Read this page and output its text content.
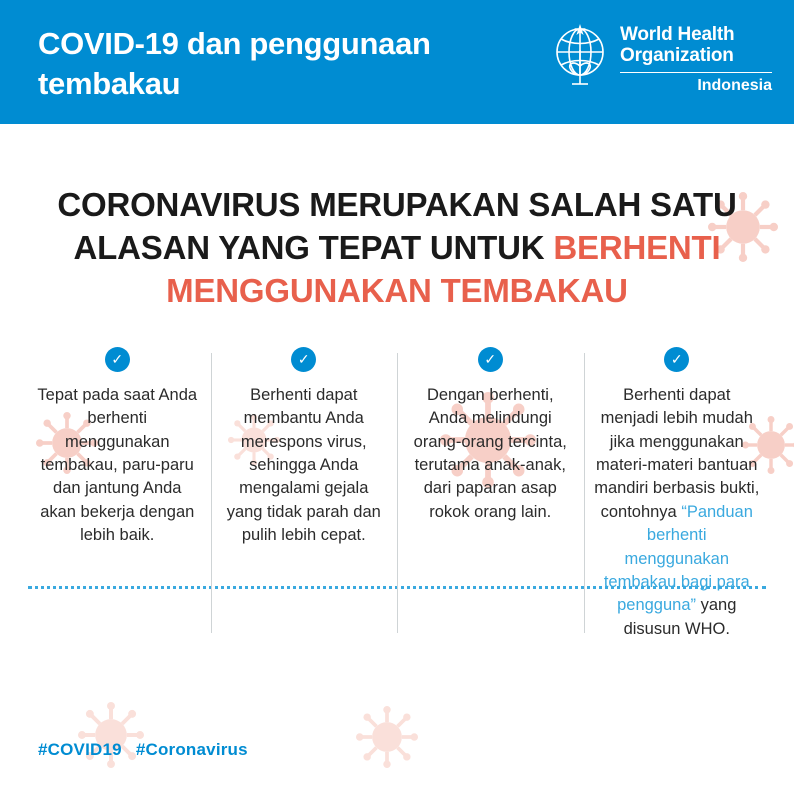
COVID-19 dan penggunaan tembakau
World Health
Organization
Indonesia
CORONAVIRUS MERUPAKAN SALAH SATU ALASAN YANG TEPAT UNTUK BERHENTI MENGGUNAKAN TEMBAKAU
✓
Tepat pada saat Anda berhenti menggunakan tembakau, paru-paru dan jantung Anda akan bekerja dengan lebih baik.
✓
Berhenti dapat membantu Anda merespons virus, sehingga Anda mengalami gejala yang tidak parah dan pulih lebih cepat.
✓
Dengan berhenti, Anda melindungi orang-orang tercinta, terutama anak-anak, dari paparan asap rokok orang lain.
✓
Berhenti dapat menjadi lebih mudah jika menggunakan materi-materi bantuan mandiri berbasis bukti, contohnya “Panduan berhenti menggunakan tembakau bagi para pengguna” yang disusun WHO.
#COVID19 #Coronavirus
